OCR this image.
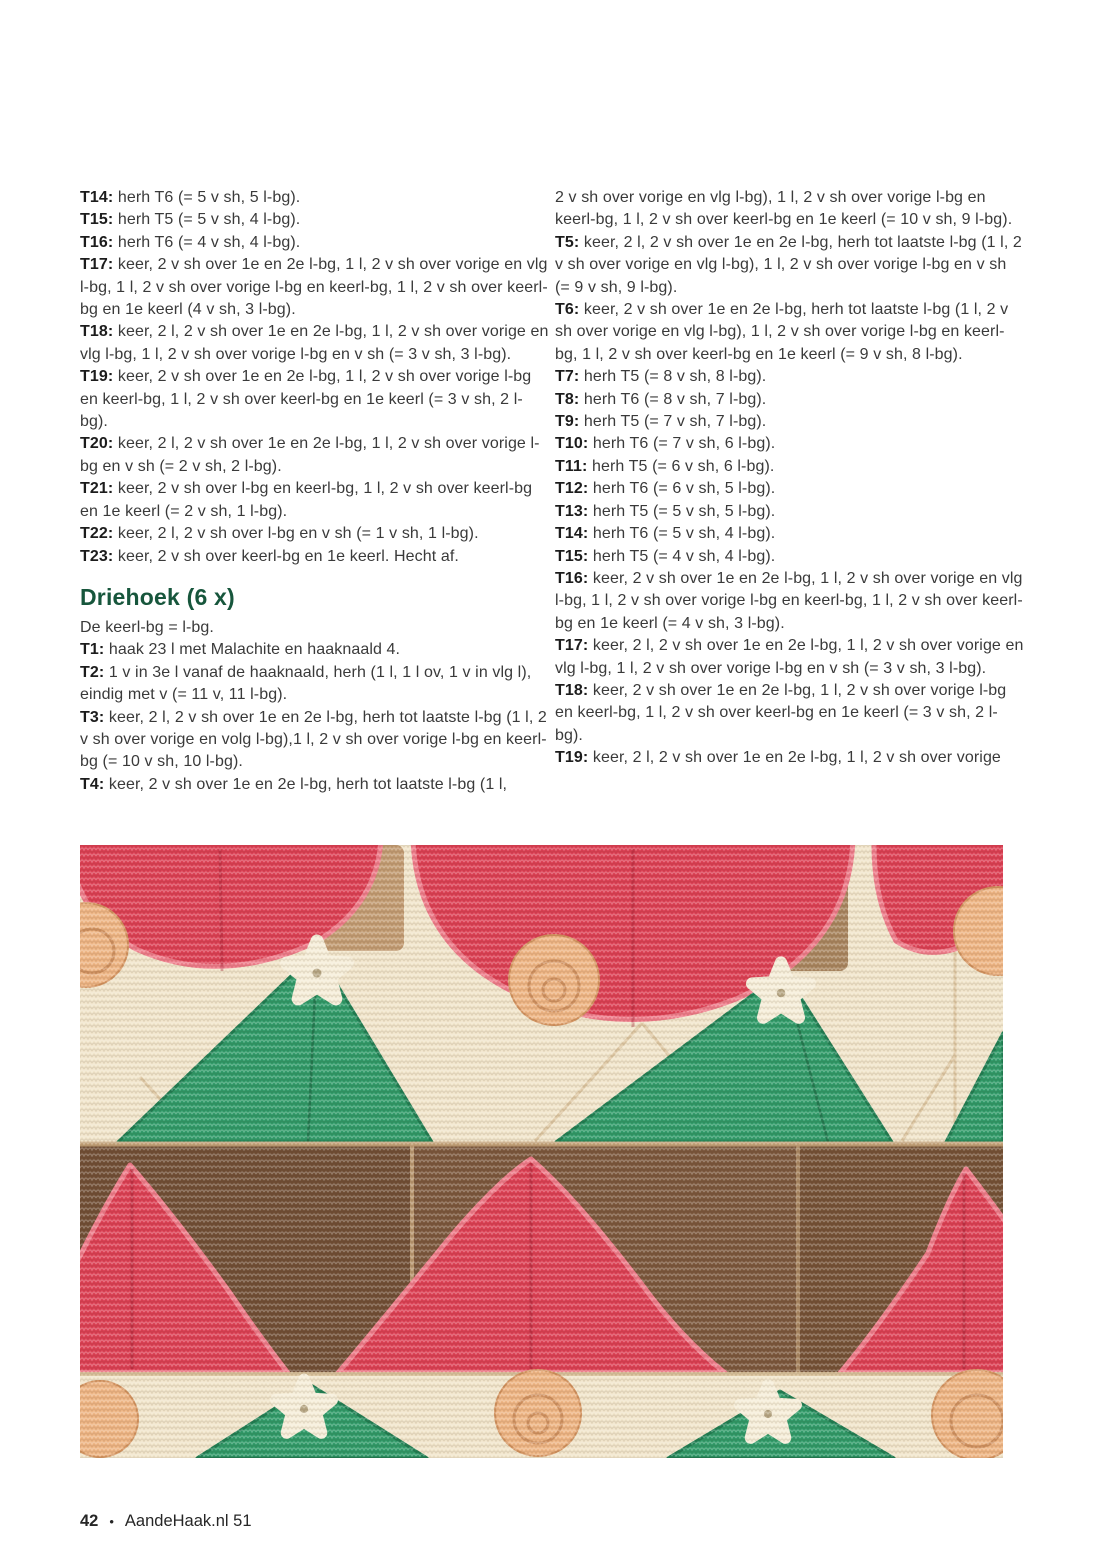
T14: herh T6 (= 5 v sh, 5 l-bg).

T15: herh T5 (= 5 v sh, 4 l-bg).

T16: herh T6 (= 4 v sh, 4 l-bg).

T17: keer, 2 v sh over 1e en 2e l-bg, 1 l, 2 v sh over vorige en vlg l-bg, 1 l, 2 v sh over vorige l-bg en keerl-bg, 1 l, 2 v sh over keerl-bg en 1e keerl (4 v sh, 3 l-bg).

T18: keer, 2 l, 2 v sh over 1e en 2e l-bg, 1 l, 2 v sh over vorige en vlg l-bg, 1 l, 2 v sh over vorige l-bg en v sh (= 3 v sh, 3 l-bg).

T19: keer, 2 v sh over 1e en 2e l-bg, 1 l, 2 v sh over vorige l-bg en keerl-bg, 1 l, 2 v sh over keerl-bg en 1e keerl (= 3 v sh, 2 l-bg).

T20: keer, 2 l, 2 v sh over 1e en 2e l-bg, 1 l, 2 v sh over vorige l-bg en v sh (= 2 v sh, 2 l-bg).

T21: keer, 2 v sh over l-bg en keerl-bg, 1 l, 2 v sh over keerl-bg en 1e keerl (= 2 v sh, 1 l-bg).

T22: keer, 2 l, 2 v sh over l-bg en v sh (= 1 v sh, 1 l-bg).

T23: keer, 2 v sh over keerl-bg en 1e keerl. Hecht af.

Driehoek (6 x)

De keerl-bg = l-bg.

T1: haak 23 l met Malachite en haaknaald 4.

T2: 1 v in 3e l vanaf de haaknaald, herh (1 l, 1 l ov, 1 v in vlg l), eindig met v (= 11 v, 11 l-bg).

T3: keer, 2 l, 2 v sh over 1e en 2e l-bg, herh tot laatste l-bg (1 l, 2 v sh over vorige en volg l-bg),1 l, 2 v sh over vorige l-bg en keerl-bg (= 10 v sh, 10 l-bg).

T4: keer, 2 v sh over 1e en 2e l-bg, herh tot laatste l-bg (1 l,

2 v sh over vorige en vlg l-bg), 1 l, 2 v sh over vorige l-bg en keerl-bg, 1 l, 2 v sh over keerl-bg en 1e keerl (= 10 v sh, 9 l-bg).

T5: keer, 2 l, 2 v sh over 1e en 2e l-bg, herh tot laatste l-bg (1 l, 2 v sh over vorige en vlg l-bg), 1 l, 2 v sh over vorige l-bg en v sh (= 9 v sh, 9 l-bg).

T6: keer, 2 v sh over 1e en 2e l-bg, herh tot laatste l-bg (1 l, 2 v sh over vorige en vlg l-bg), 1 l, 2 v sh over vorige l-bg en keerl-bg, 1 l, 2 v sh over keerl-bg en 1e keerl (= 9 v sh, 8 l-bg).

T7: herh T5 (= 8 v sh, 8 l-bg).

T8: herh T6 (= 8 v sh, 7 l-bg).

T9: herh T5 (= 7 v sh, 7 l-bg).

T10: herh T6 (= 7 v sh, 6 l-bg).

T11: herh T5 (= 6 v sh, 6 l-bg).

T12: herh T6 (= 6 v sh, 5 l-bg).

T13: herh T5 (= 5 v sh, 5 l-bg).

T14: herh T6 (= 5 v sh, 4 l-bg).

T15: herh T5 (= 4 v sh, 4 l-bg).

T16: keer, 2 v sh over 1e en 2e l-bg, 1 l, 2 v sh over vorige en vlg l-bg, 1 l, 2 v sh over vorige l-bg en keerl-bg, 1 l, 2 v sh over keerl-bg en 1e keerl (= 4 v sh, 3 l-bg).

T17: keer, 2 l, 2 v sh over 1e en 2e l-bg, 1 l, 2 v sh over vorige en vlg l-bg, 1 l, 2 v sh over vorige l-bg en v sh (= 3 v sh, 3 l-bg).

T18: keer, 2 v sh over 1e en 2e l-bg, 1 l, 2 v sh over vorige l-bg en keerl-bg, 1 l, 2 v sh over keerl-bg en 1e keerl (= 3 v sh, 2 l-bg).

T19: keer, 2 l, 2 v sh over 1e en 2e l-bg, 1 l, 2 v sh over vorige

42 • AandeHaak.nl 51
